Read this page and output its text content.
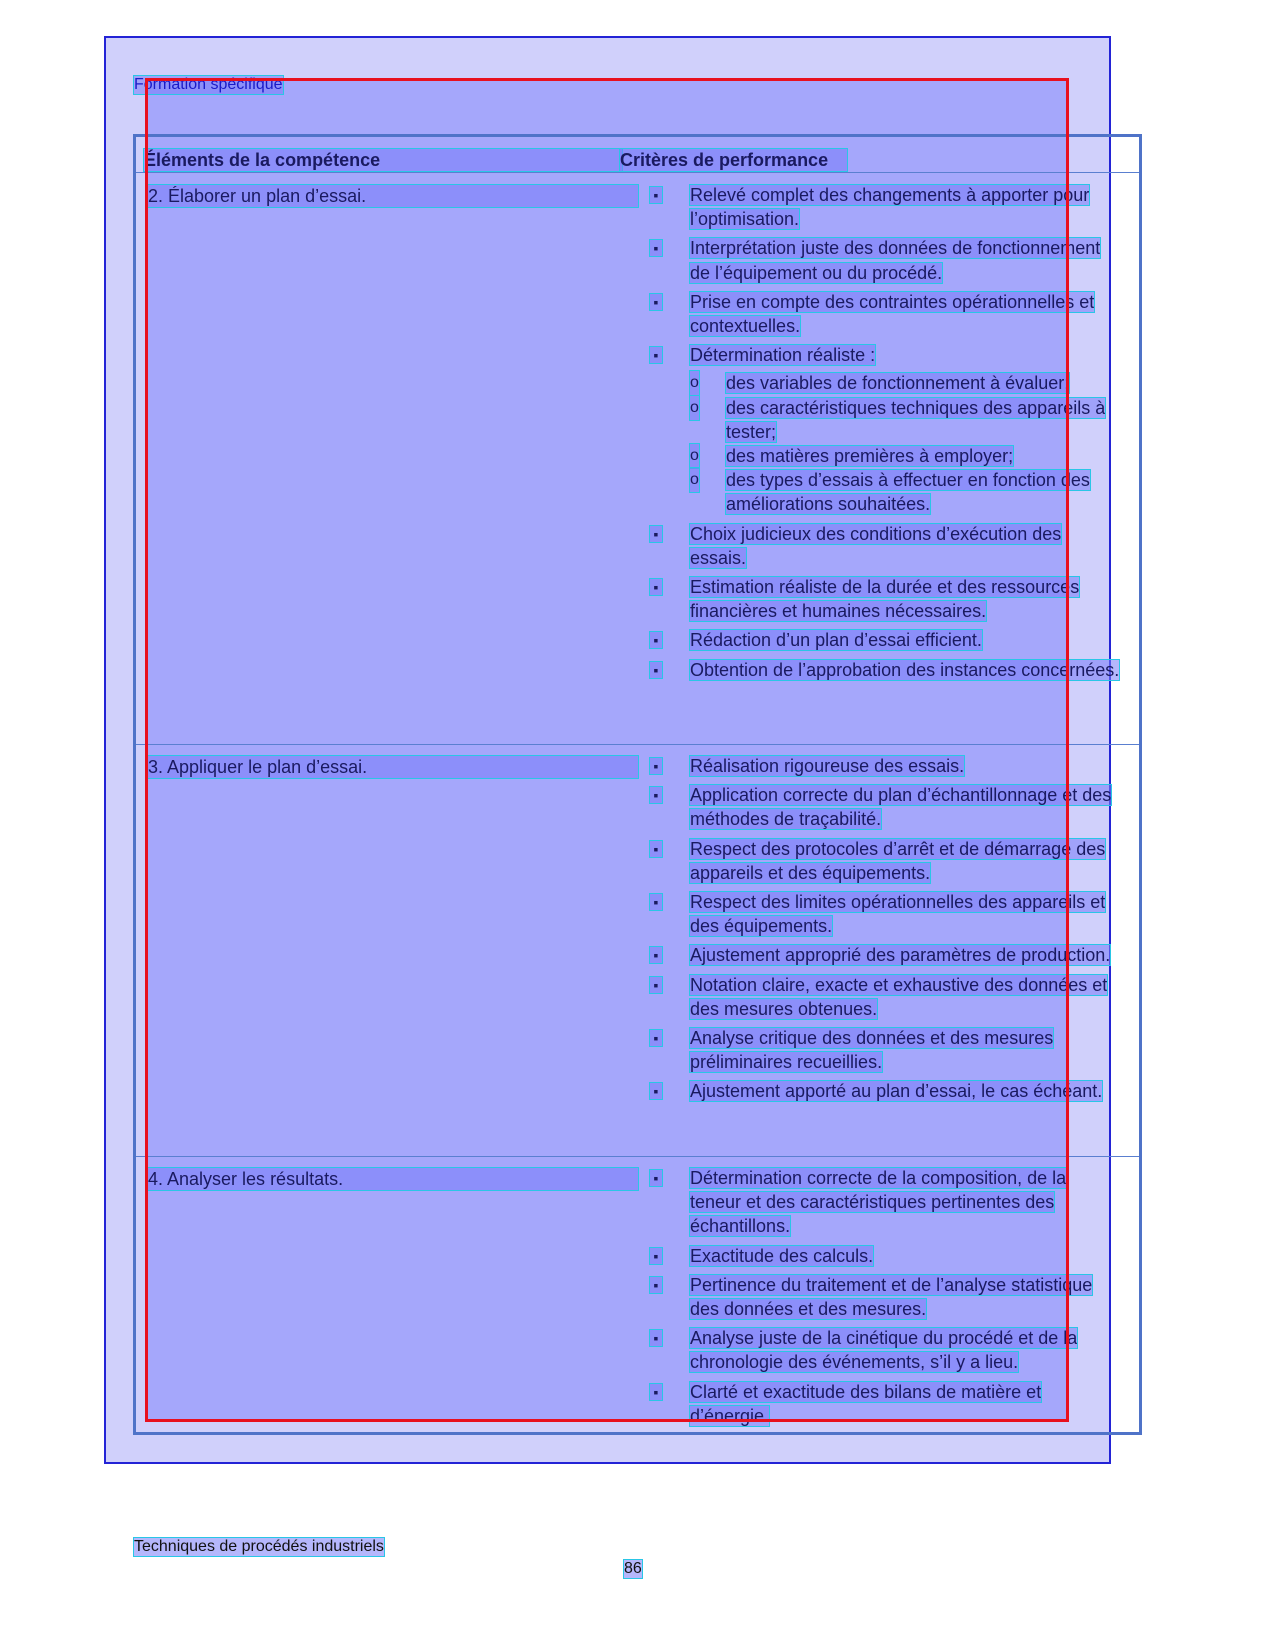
Formation spécifique
Éléments de la compétence	Critères de performance
2. Élaborer un plan d’essai.	▪ Relevé complet des changements à apporter pour l’optimisation.
▪ Interprétation juste des données de fonctionnement de l’équipement ou du procédé.
▪ Prise en compte des contraintes opérationnelles et contextuelles.
▪ Détermination réaliste :
o des variables de fonctionnement à évaluer;
o des caractéristiques techniques des appareils à tester;
o des matières premières à employer;
o des types d’essais à effectuer en fonction des améliorations souhaitées.
▪ Choix judicieux des conditions d’exécution des essais.
▪ Estimation réaliste de la durée et des ressources financières et humaines nécessaires.
▪ Rédaction d’un plan d’essai efficient.
▪ Obtention de l’approbation des instances concernées.
3. Appliquer le plan d’essai.	▪ Réalisation rigoureuse des essais.
▪ Application correcte du plan d’échantillonnage et des méthodes de traçabilité.
▪ Respect des protocoles d’arrêt et de démarrage des appareils et des équipements.
▪ Respect des limites opérationnelles des appareils et des équipements.
▪ Ajustement approprié des paramètres de production.
▪ Notation claire, exacte et exhaustive des données et des mesures obtenues.
▪ Analyse critique des données et des mesures préliminaires recueillies.
▪ Ajustement apporté au plan d’essai, le cas échéant.
4. Analyser les résultats.	▪ Détermination correcte de la composition, de la teneur et des caractéristiques pertinentes des échantillons.
▪ Exactitude des calculs.
▪ Pertinence du traitement et de l’analyse statistique des données et des mesures.
▪ Analyse juste de la cinétique du procédé et de la chronologie des événements, s’il y a lieu.
▪ Clarté et exactitude des bilans de matière et d’énergie.
Techniques de procédés industriels
86
